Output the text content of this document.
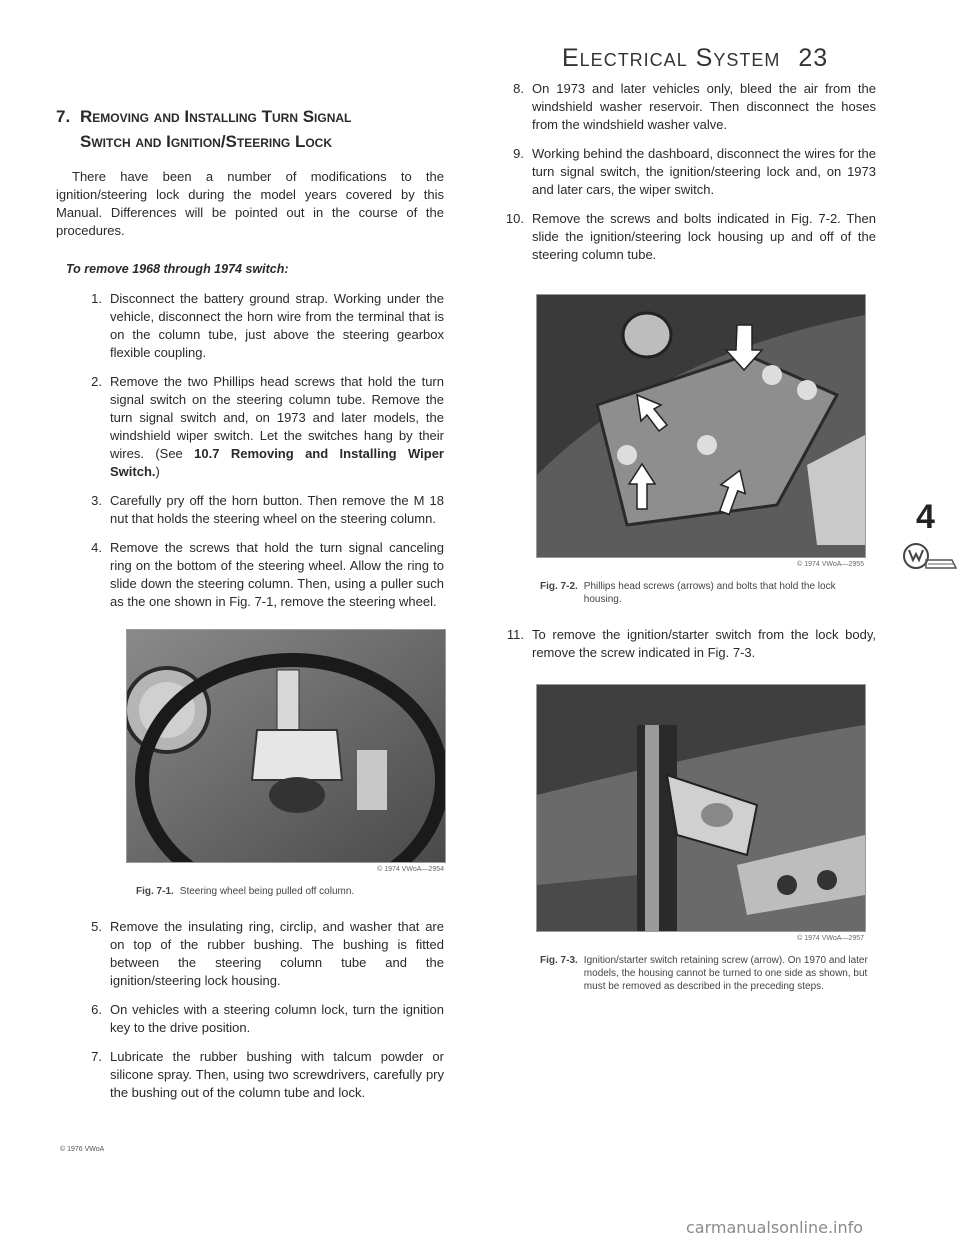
Electrical System 23
7. Removing and Installing Turn Signal
Switch and Ignition/Steering Lock

There have been a number of modifications to the ignition/steering lock during the model years covered by this Manual. Differences will be pointed out in the course of the procedures.

To remove 1968 through 1974 switch:
1. Disconnect the battery ground strap. Working under the vehicle, disconnect the horn wire from the terminal that is on the column tube, just above the steering gearbox flexible coupling.
2. Remove the two Phillips head screws that hold the turn signal switch on the steering column tube. Remove the turn signal switch and, on 1973 and later models, the windshield wiper switch. Let the switches hang by their wires. (See 10.7 Removing and Installing Wiper Switch.)
3. Carefully pry off the horn button. Then remove the M 18 nut that holds the steering wheel on the steering column.
4. Remove the screws that hold the turn signal canceling ring on the bottom of the steering wheel. Allow the ring to slide down the steering column. Then, using a puller such as the one shown in Fig. 7-1, remove the steering wheel.
© 1974 VWoA—2954
Fig. 7-1. Steering wheel being pulled off column.
5. Remove the insulating ring, circlip, and washer that are on top of the rubber bushing. The bushing is fitted between the steering column tube and the ignition/steering lock housing.
6. On vehicles with a steering column lock, turn the ignition key to the drive position.
7. Lubricate the rubber bushing with talcum powder or silicone spray. Then, using two screwdrivers, carefully pry the bushing out of the column tube and lock.
8. On 1973 and later vehicles only, bleed the air from the windshield washer reservoir. Then disconnect the hoses from the windshield washer valve.
9. Working behind the dashboard, disconnect the wires for the turn signal switch, the ignition/steering lock and, on 1973 and later cars, the wiper switch.
10. Remove the screws and bolts indicated in Fig. 7-2. Then slide the ignition/steering lock housing up and off of the steering column tube.
© 1974 VWoA—2955
Fig. 7-2. Phillips head screws (arrows) and bolts that hold the lock housing.
11. To remove the ignition/starter switch from the lock body, remove the screw indicated in Fig. 7-3.
© 1974 VWoA—2957
Fig. 7-3. Ignition/starter switch retaining screw (arrow). On 1970 and later models, the housing cannot be turned to one side as shown, but must be removed as described in the preceding steps.
4
© 1976 VWoA
carmanualsonline.info
